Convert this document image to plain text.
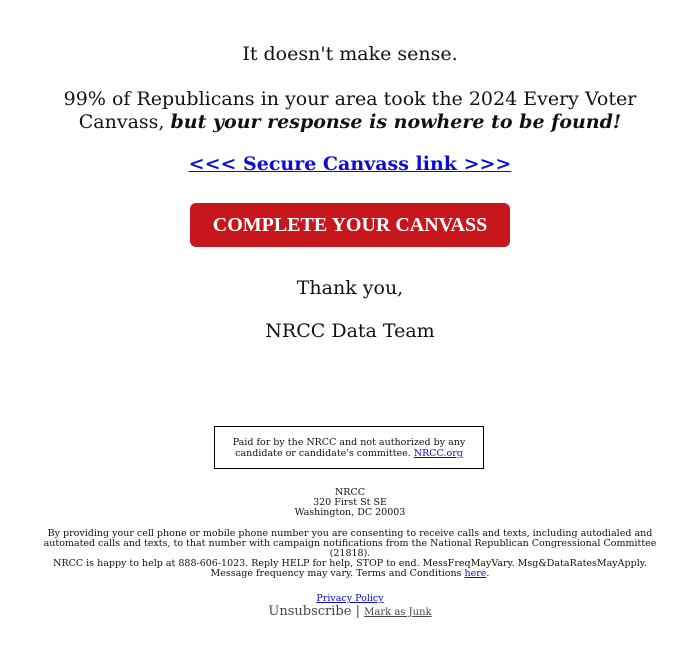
It doesn't make sense.
99% of Republicans in your area took the 2024 Every Voter Canvass, but your response is nowhere to be found!
<<< Secure Canvass link >>>
COMPLETE YOUR CANVASS
Thank you,
NRCC Data Team
Paid for by the NRCC and not authorized by any candidate or candidate's committee. NRCC.org
NRCC
320 First St SE
Washington, DC 20003
By providing your cell phone or mobile phone number you are consenting to receive calls and texts, including autodialed and automated calls and texts, to that number with campaign notifications from the National Republican Congressional Committee (21818).
NRCC is happy to help at 888-606-1023. Reply HELP for help, STOP to end. MessFreqMayVary. Msg&DataRatesMayApply. Message frequency may vary. Terms and Conditions here.
Privacy Policy
Unsubscribe | Mark as Junk
